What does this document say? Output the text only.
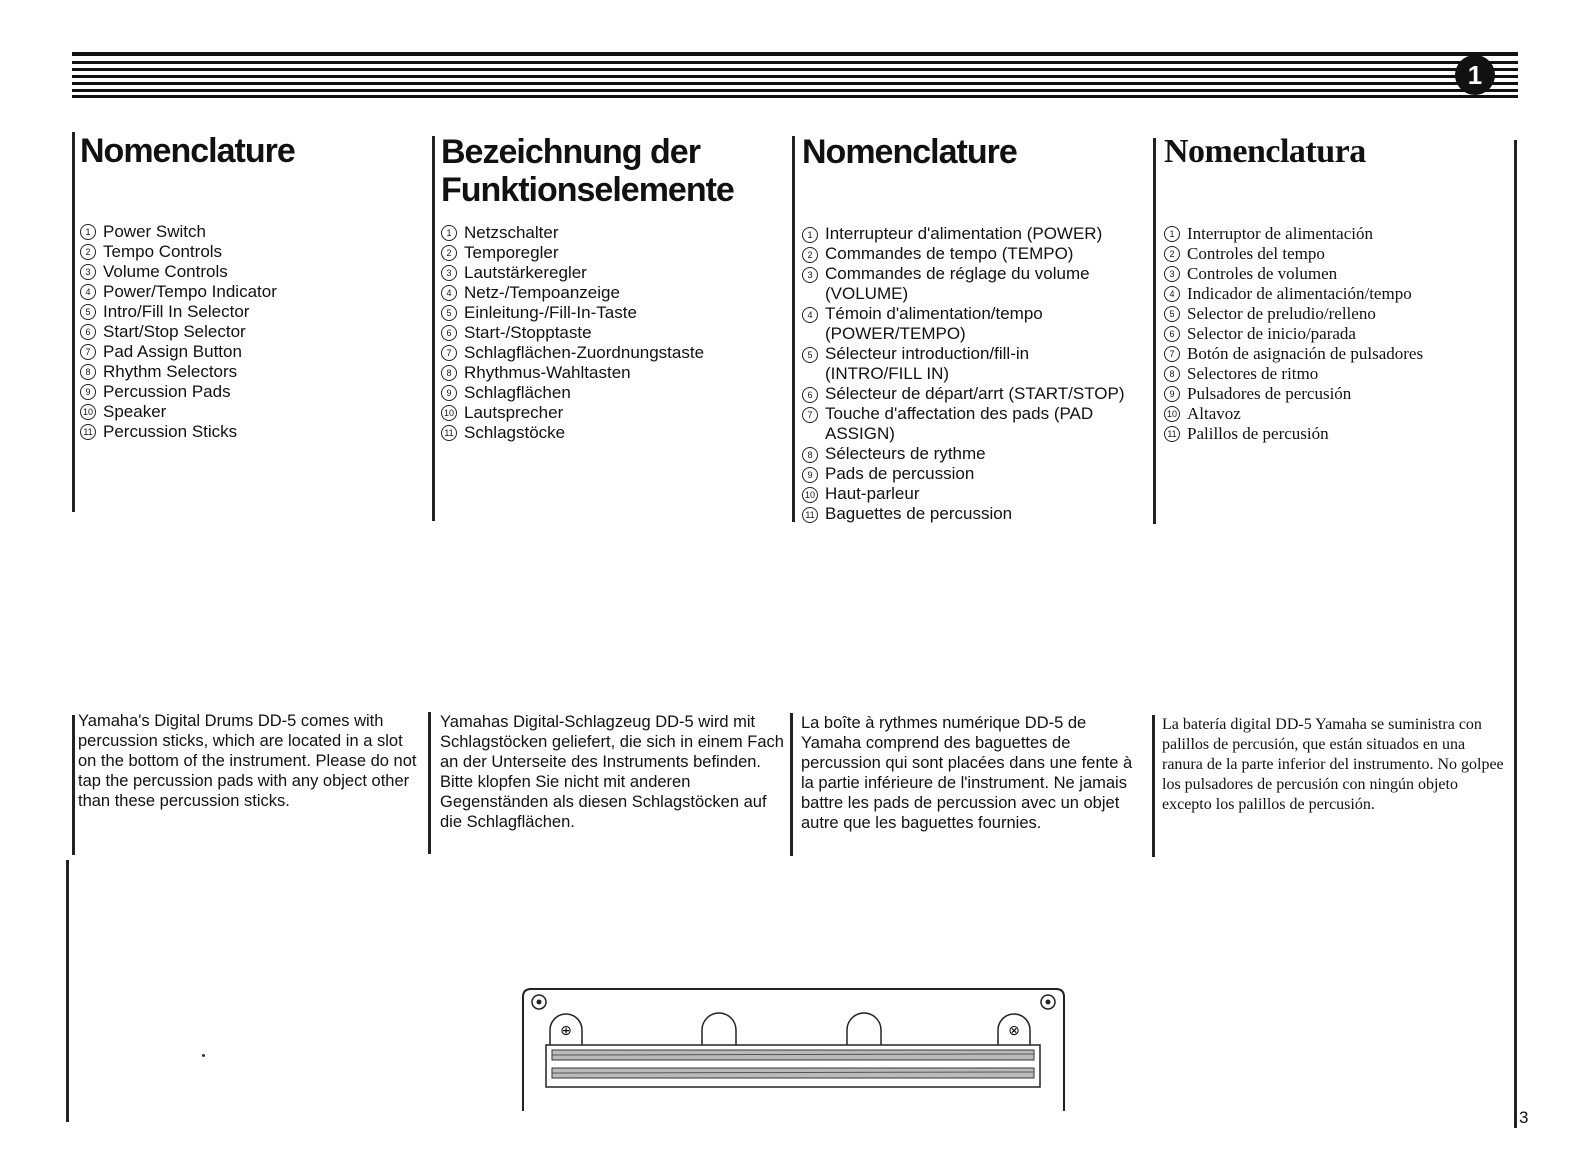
1
Nomenclature
1 Power Switch
2 Tempo Controls
3 Volume Controls
4 Power/Tempo Indicator
5 Intro/Fill In Selector
6 Start/Stop Selector
7 Pad Assign Button
8 Rhythm Selectors
9 Percussion Pads
10 Speaker
11 Percussion Sticks
Bezeichnung der
Funktionselemente
1 Netzschalter
2 Temporegler
3 Lautstärkeregler
4 Netz-/Tempoanzeige
5 Einleitung-/Fill-In-Taste
6 Start-/Stopptaste
7 Schlagflächen-Zuordnungstaste
8 Rhythmus-Wahltasten
9 Schlagflächen
10 Lautsprecher
11 Schlagstöcke
Nomenclature
1 Interrupteur d'alimentation (POWER)
2 Commandes de tempo (TEMPO)
3 Commandes de réglage du volume (VOLUME)
4 Témoin d'alimentation/tempo (POWER/TEMPO)
5 Sélecteur introduction/fill-in (INTRO/FILL IN)
6 Sélecteur de départ/arrt (START/STOP)
7 Touche d'affectation des pads (PAD ASSIGN)
8 Sélecteurs de rythme
9 Pads de percussion
10 Haut-parleur
11 Baguettes de percussion
Nomenclatura
1 Interruptor de alimentación
2 Controles del tempo
3 Controles de volumen
4 Indicador de alimentación/tempo
5 Selector de preludio/relleno
6 Selector de inicio/parada
7 Botón de asignación de pulsadores
8 Selectores de ritmo
9 Pulsadores de percusión
10 Altavoz
11 Palillos de percusión

Yamaha's Digital Drums DD-5 comes with percussion sticks, which are located in a slot on the bottom of the instrument. Please do not tap the percussion pads with any object other than these percussion sticks.

Yamahas Digital-Schlagzeug DD-5 wird mit Schlagstöcken geliefert, die sich in einem Fach an der Unterseite des Instruments befinden. Bitte klopfen Sie nicht mit anderen Gegenständen als diesen Schlagstöcken auf die Schlagflächen.

La boîte à rythmes numérique DD-5 de Yamaha comprend des baguettes de percussion qui sont placées dans une fente à la partie inférieure de l'instrument. Ne jamais battre les pads de percussion avec un objet autre que les baguettes fournies.

La batería digital DD-5 Yamaha se suministra con palillos de percusión, que están situados en una ranura de la parte inferior del instrumento. No golpee los pulsadores de percusión con ningún objeto excepto los palillos de percusión.

⊕	⊗
3
